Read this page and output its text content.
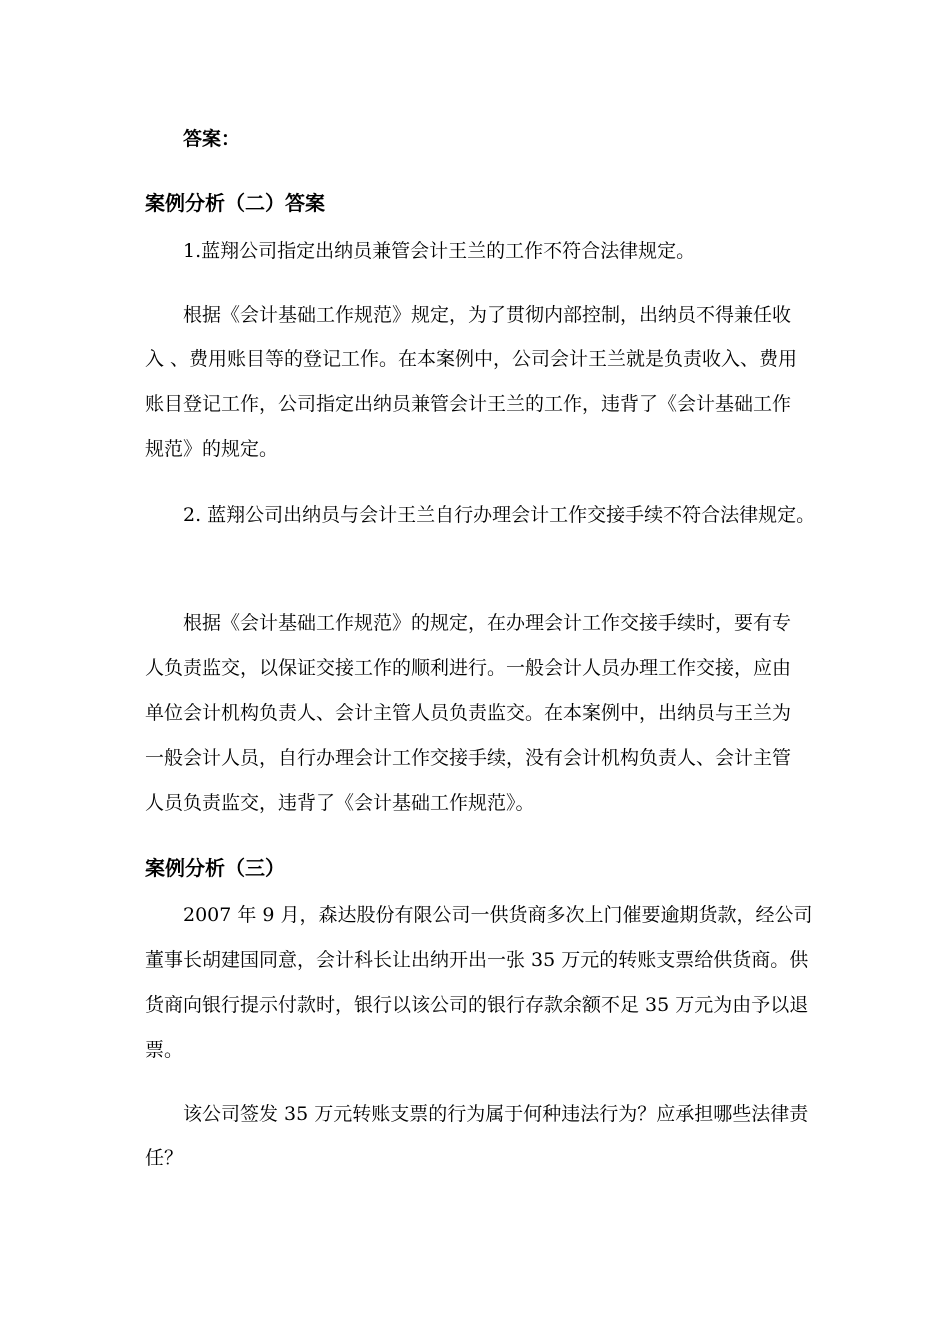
答案：
案例分析（二）答案
1.蓝翔公司指定出纳员兼管会计王兰的工作不符合法律规定。
根据《会计基础工作规范》规定，为了贯彻内部控制，出纳员不得兼任收
入 、费用账目等的登记工作。在本案例中，公司会计王兰就是负责收入、费用
账目登记工作，公司指定出纳员兼管会计王兰的工作，违背了《会计基础工作
规范》的规定。
2. 蓝翔公司出纳员与会计王兰自行办理会计工作交接手续不符合法律规定。
根据《会计基础工作规范》的规定，在办理会计工作交接手续时，要有专
人负责监交，以保证交接工作的顺利进行。一般会计人员办理工作交接，应由
单位会计机构负责人、会计主管人员负责监交。在本案例中，出纳员与王兰为
一般会计人员，自行办理会计工作交接手续，没有会计机构负责人、会计主管
人员负责监交，违背了《会计基础工作规范》。
案例分析（三）
2007 年 9 月，森达股份有限公司一供货商多次上门催要逾期货款，经公司
董事长胡建国同意，会计科长让出纳开出一张 35 万元的转账支票给供货商。供
货商向银行提示付款时，银行以该公司的银行存款余额不足 35 万元为由予以退
票。
该公司签发 35 万元转账支票的行为属于何种违法行为？应承担哪些法律责
任？
